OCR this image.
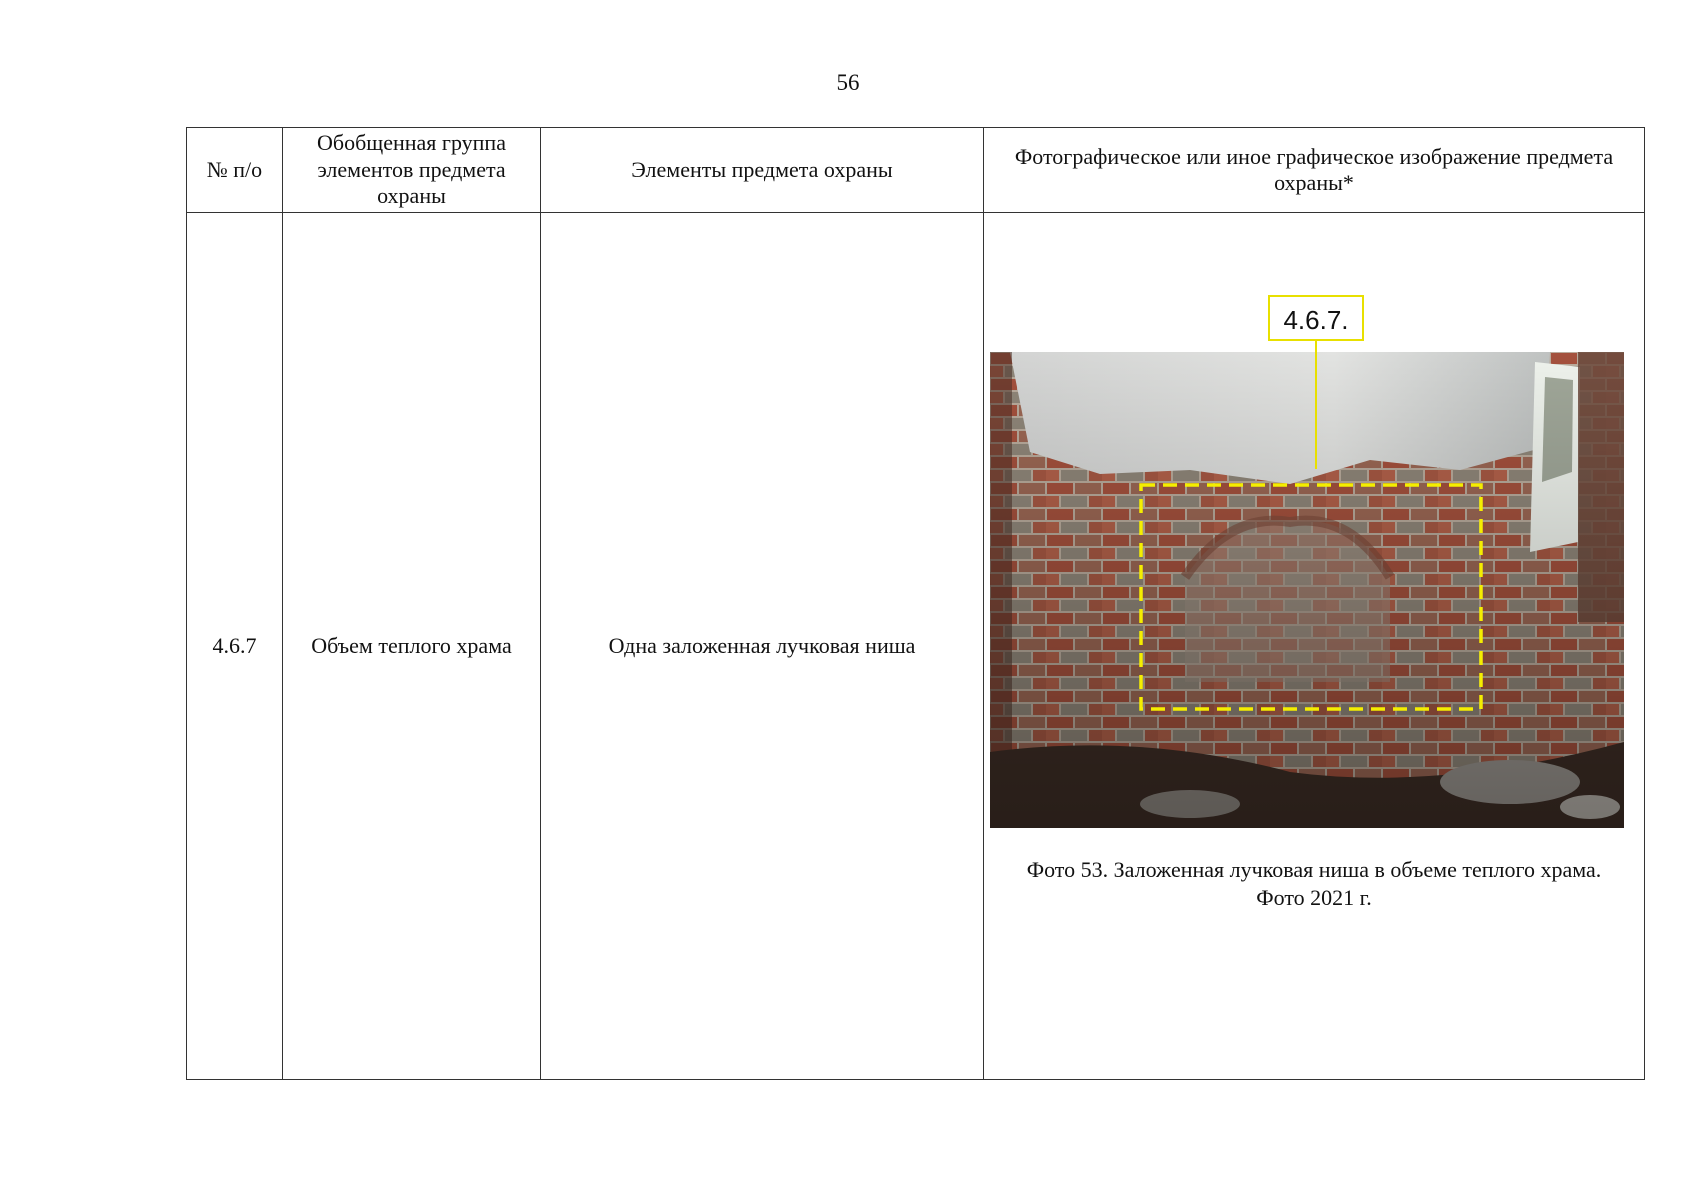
56
№ п/о	Обобщенная группа элементов предмета охраны	Элементы предмета охраны	Фотографическое или иное графическое изображение предмета охраны*
4.6.7	Объем теплого храма	Одна заложенная лучковая ниша	4.6.7.
Фото 53. Заложенная лучковая ниша в объеме теплого храма.
Фото 2021 г.
